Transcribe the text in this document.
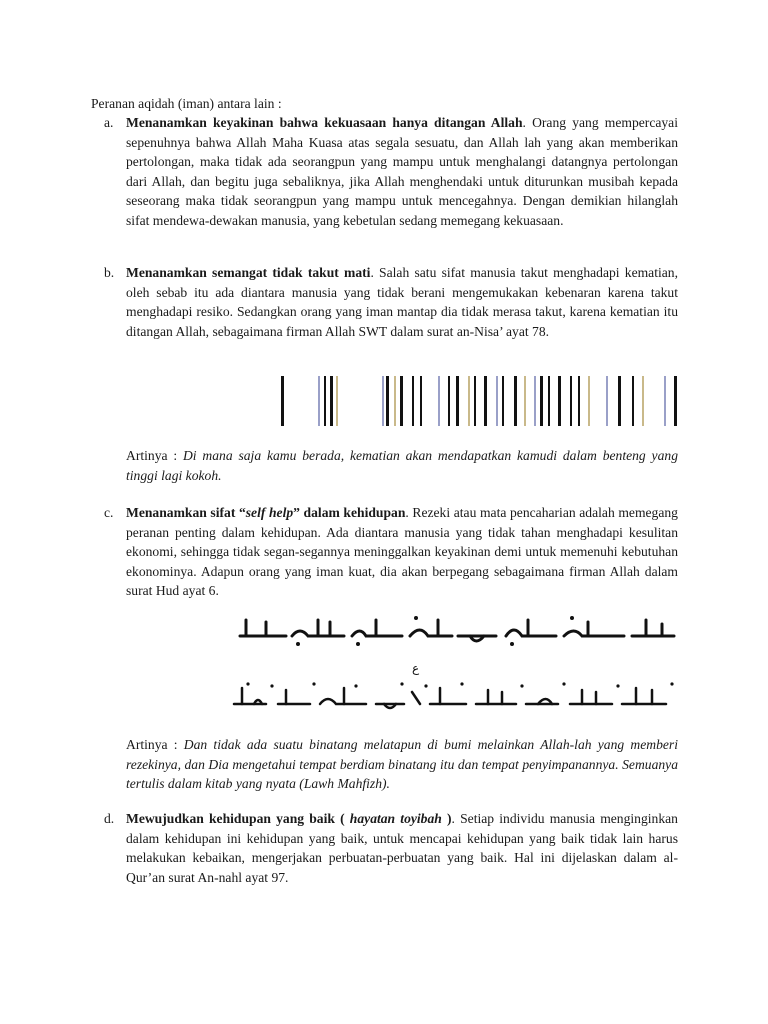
Peranan aqidah (iman) antara lain :
a. Menanamkan keyakinan bahwa kekuasaan hanya ditangan Allah. Orang yang mempercayai sepenuhnya bahwa Allah Maha Kuasa atas segala sesuatu, dan Allah lah yang akan memberikan pertolongan, maka tidak ada seorangpun yang mampu untuk menghalangi datangnya pertolongan dari Allah, dan begitu juga sebaliknya, jika Allah menghendaki untuk diturunkan musibah kepada seseorang maka tidak seorangpun yang mampu untuk mencegahnya. Dengan demikian hilanglah sifat mendewa-dewakan manusia, yang kebetulan sedang memegang kekuasaan.
b. Menanamkan semangat tidak takut mati. Salah satu sifat manusia takut menghadapi kematian, oleh sebab itu ada diantara manusia yang tidak berani mengemukakan kebenaran karena takut menghadapi resiko. Sedangkan orang yang iman mantap dia tidak merasa takut, karena kematian itu ditangan Allah, sebagaimana firman Allah SWT dalam surat an-Nisa’ ayat 78.
Artinya : Di mana saja kamu berada, kematian akan mendapatkan kamudi dalam benteng yang tinggi lagi kokoh.
c. Menanamkan sifat “self help” dalam kehidupan. Rezeki atau mata pencaharian adalah memegang peranan penting dalam kehidupan. Ada diantara manusia yang tidak tahan menghadapi kesulitan ekonomi, sehingga tidak segan-segannya meninggalkan keyakinan demi untuk memenuhi kebutuhan ekonominya. Adapun orang yang iman kuat, dia akan berpegang sebagaimana firman Allah dalam surat Hud ayat 6.
ع
Artinya : Dan tidak ada suatu binatang melatapun di bumi melainkan Allah-lah yang memberi rezekinya, dan Dia mengetahui tempat berdiam binatang itu dan tempat penyimpanannya. Semuanya tertulis dalam kitab yang nyata (Lawh Mahfizh).
d. Mewujudkan kehidupan yang baik ( hayatan toyibah ). Setiap individu manusia menginginkan dalam kehidupan ini kehidupan yang baik, untuk mencapai kehidupan yang baik tidak lain harus melakukan kebaikan, mengerjakan perbuatan-perbuatan yang baik. Hal ini dijelaskan dalam al-Qur’an surat An-nahl ayat 97.
